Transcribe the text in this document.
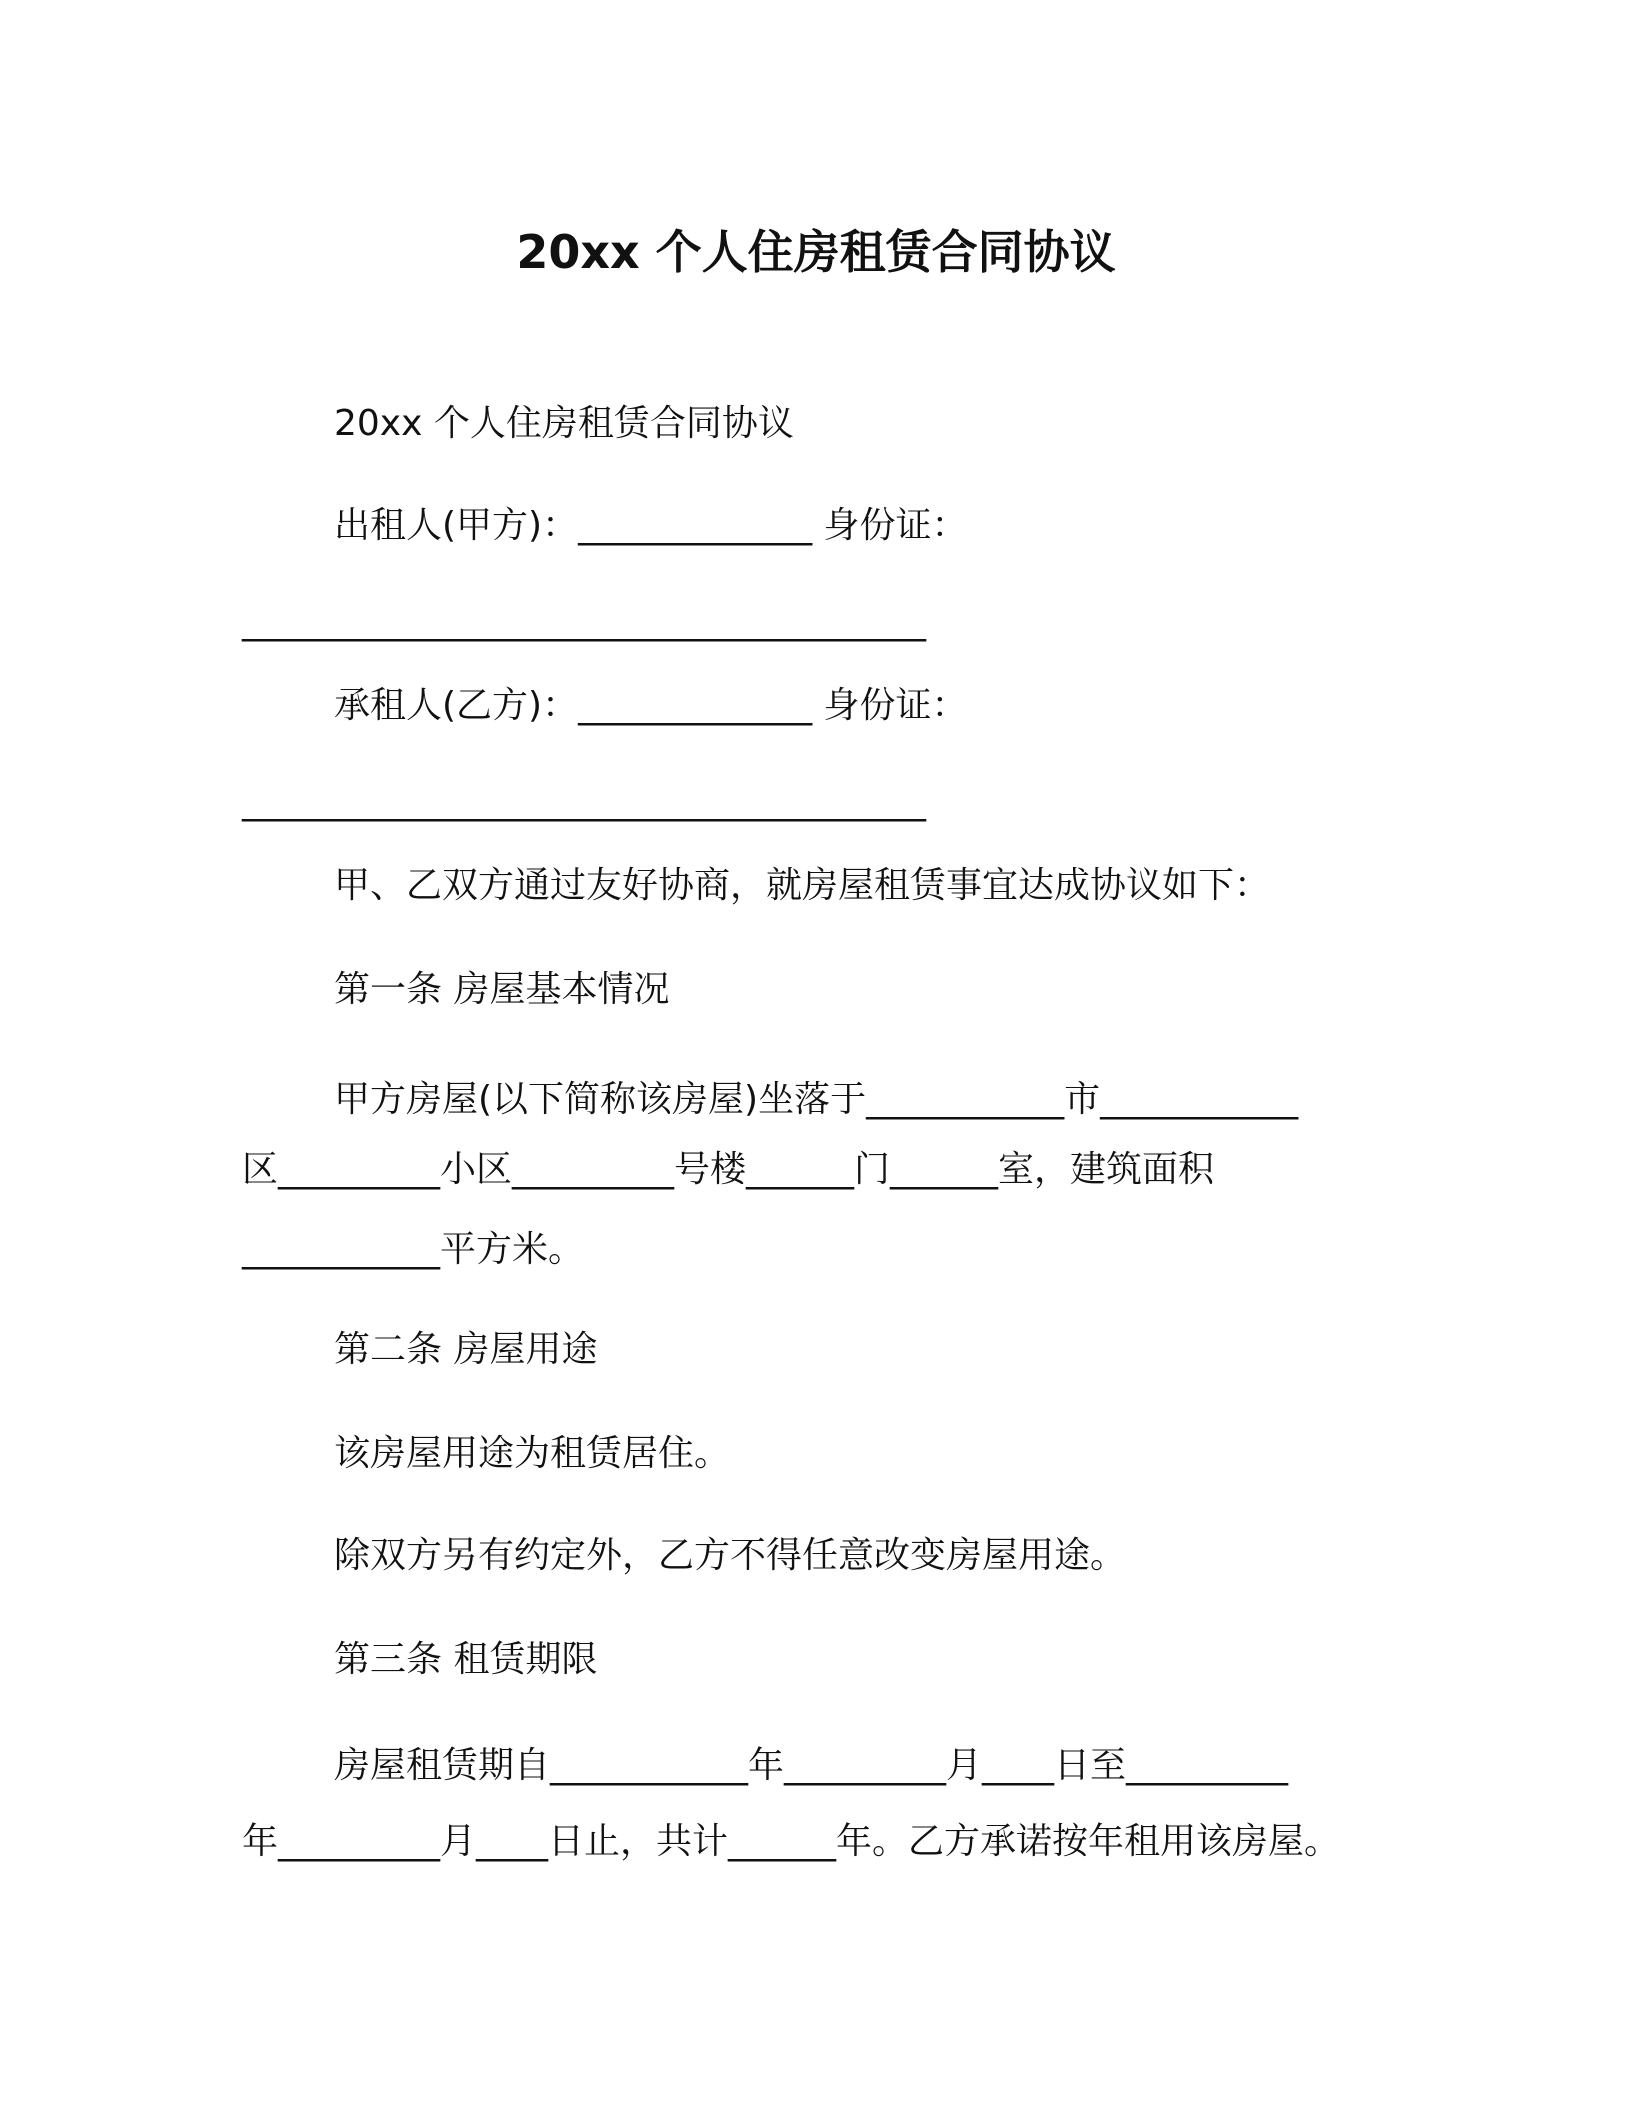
20xx 个人住房租赁合同协议
20xx 个人住房租赁合同协议
出租人(甲方)：_____________ 身份证：
______________________________________
承租人(乙方)：_____________ 身份证：
______________________________________
甲、乙双方通过友好协商，就房屋租赁事宜达成协议如下：
第一条 房屋基本情况
甲方房屋(以下简称该房屋)坐落于___________市___________
区_________小区_________号楼______门______室，建筑面积
___________平方米。
第二条 房屋用途
该房屋用途为租赁居住。
除双方另有约定外，乙方不得任意改变房屋用途。
第三条 租赁期限
房屋租赁期自___________年_________月____日至_________
年_________月____日止，共计______年。乙方承诺按年租用该房屋。
